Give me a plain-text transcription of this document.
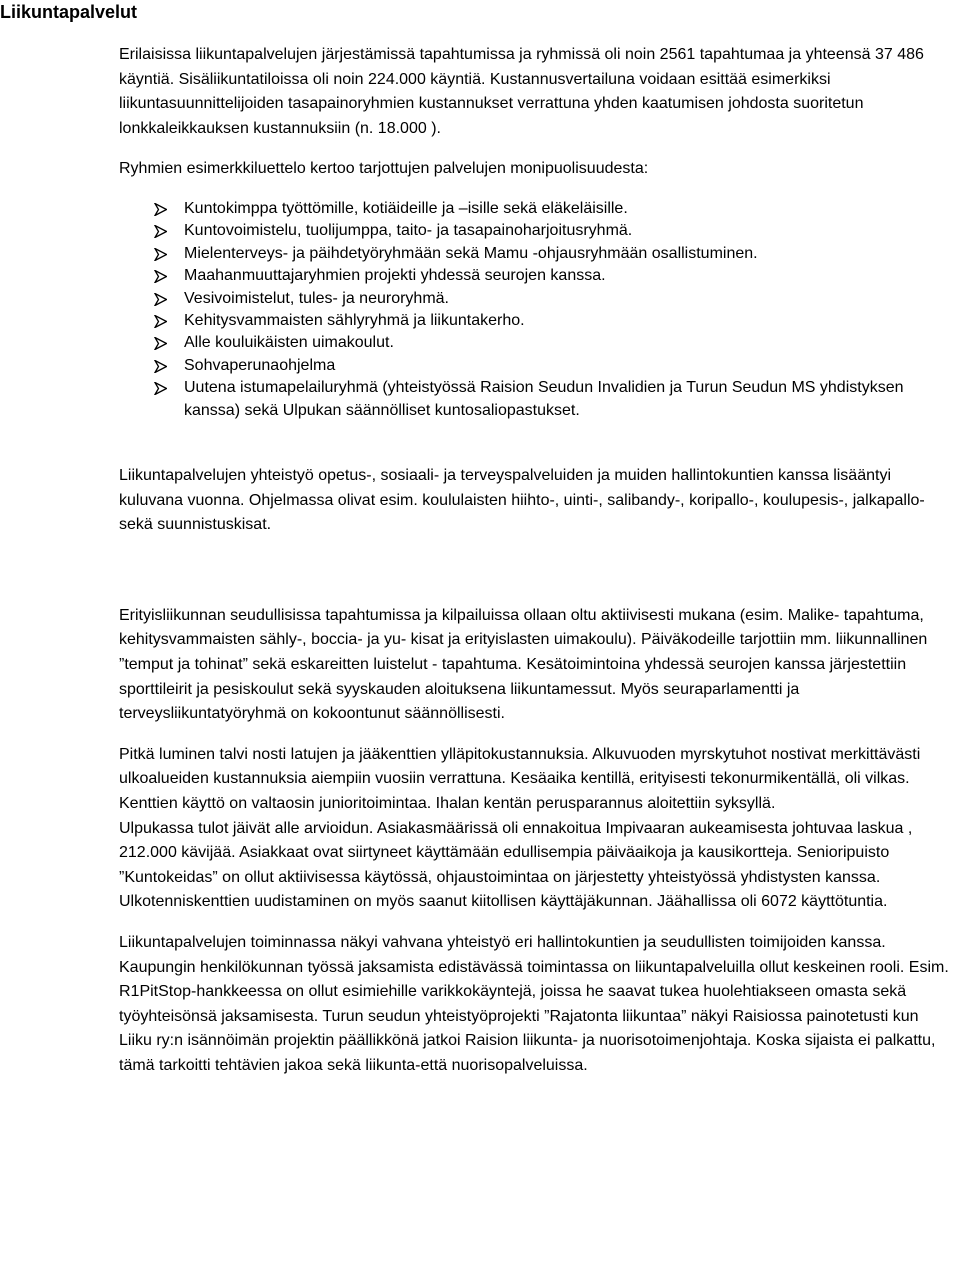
Liikuntapalvelut

Erilaisissa liikuntapalvelujen järjestämissä tapahtumissa ja ryhmissä oli noin 2561 tapahtumaa ja yhteensä 37 486 käyntiä. Sisäliikuntatiloissa oli noin 224.000 käyntiä. Kustannusvertailuna voidaan esittää esimerkiksi liikuntasuunnittelijoiden tasapainoryhmien kustannukset verrattuna yhden kaatumisen johdosta suoritetun lonkkaleikkauksen kustannuksiin (n. 18.000 ).

Ryhmien esimerkkiluettelo kertoo tarjottujen palvelujen monipuolisuudesta:

Kuntokimppa työttömille, kotiäideille ja –isille sekä eläkeläisille.
Kuntovoimistelu, tuolijumppa, taito- ja tasapainoharjoitusryhmä.
Mielenterveys- ja päihdetyöryhmään sekä Mamu -ohjausryhmään osallistuminen.
Maahanmuuttajaryhmien projekti yhdessä seurojen kanssa.
Vesivoimistelut, tules- ja neuroryhmä.
Kehitysvammaisten sählyryhmä ja liikuntakerho.
Alle kouluikäisten uimakoulut.
Sohvaperunaohjelma
Uutena istumapelailuryhmä (yhteistyössä Raision Seudun Invalidien ja Turun Seudun MS yhdistyksen kanssa) sekä Ulpukan säännölliset kuntosaliopastukset.

Liikuntapalvelujen yhteistyö opetus-, sosiaali- ja terveyspalveluiden ja muiden hallintokuntien kanssa lisääntyi kuluvana vuonna. Ohjelmassa olivat esim. koululaisten hiihto-, uinti-, salibandy-, koripallo-, koulupesis-, jalkapallo- sekä suunnistuskisat.

Erityisliikunnan seudullisissa tapahtumissa ja kilpailuissa ollaan oltu aktiivisesti mukana (esim. Malike- tapahtuma, kehitysvammaisten sähly-, boccia- ja yu- kisat ja erityislasten uimakoulu). Päiväkodeille tarjottiin mm. liikunnallinen ”temput ja tohinat” sekä eskareitten luistelut - tapahtuma. Kesätoimintoina yhdessä seurojen kanssa järjestettiin sporttileirit ja pesiskoulut sekä syyskauden aloituksena liikuntamessut. Myös seuraparlamentti ja terveysliikuntatyöryhmä on kokoontunut säännöllisesti.

Pitkä luminen talvi nosti latujen ja jääkenttien ylläpitokustannuksia. Alkuvuoden myrskytuhot nostivat merkittävästi ulkoalueiden kustannuksia aiempiin vuosiin verrattuna. Kesäaika kentillä, erityisesti tekonurmikentällä, oli vilkas. Kenttien käyttö on valtaosin junioritoimintaa. Ihalan kentän perusparannus aloitettiin syksyllä.

Ulpukassa tulot jäivät alle arvioidun. Asiakasmäärissä oli ennakoitua Impivaaran aukeamisesta johtuvaa laskua , 212.000 kävijää. Asiakkaat ovat siirtyneet käyttämään edullisempia päiväaikoja ja kausikortteja. Senioripuisto ”Kuntokeidas” on ollut aktiivisessa käytössä, ohjaustoimintaa on järjestetty yhteistyössä yhdistysten kanssa. Ulkotenniskenttien uudistaminen on myös saanut kiitollisen käyttäjäkunnan. Jäähallissa oli 6072 käyttötuntia.

Liikuntapalvelujen toiminnassa näkyi vahvana yhteistyö eri hallintokuntien ja seudullisten toimijoiden kanssa. Kaupungin henkilökunnan työssä jaksamista edistävässä toimintassa on liikuntapalveluilla ollut keskeinen rooli. Esim. R1PitStop-hankkeessa on ollut esimiehille varikkokäyntejä, joissa he saavat tukea huolehtiakseen omasta sekä työyhteisönsä jaksamisesta. Turun seudun yhteistyöprojekti ”Rajatonta liikuntaa” näkyi Raisiossa painotetusti kun Liiku ry:n isännöimän projektin päällikkönä jatkoi Raision liikunta- ja nuorisotoimenjohtaja. Koska sijaista ei palkattu, tämä tarkoitti tehtävien jakoa sekä liikunta-että nuorisopalveluissa.
